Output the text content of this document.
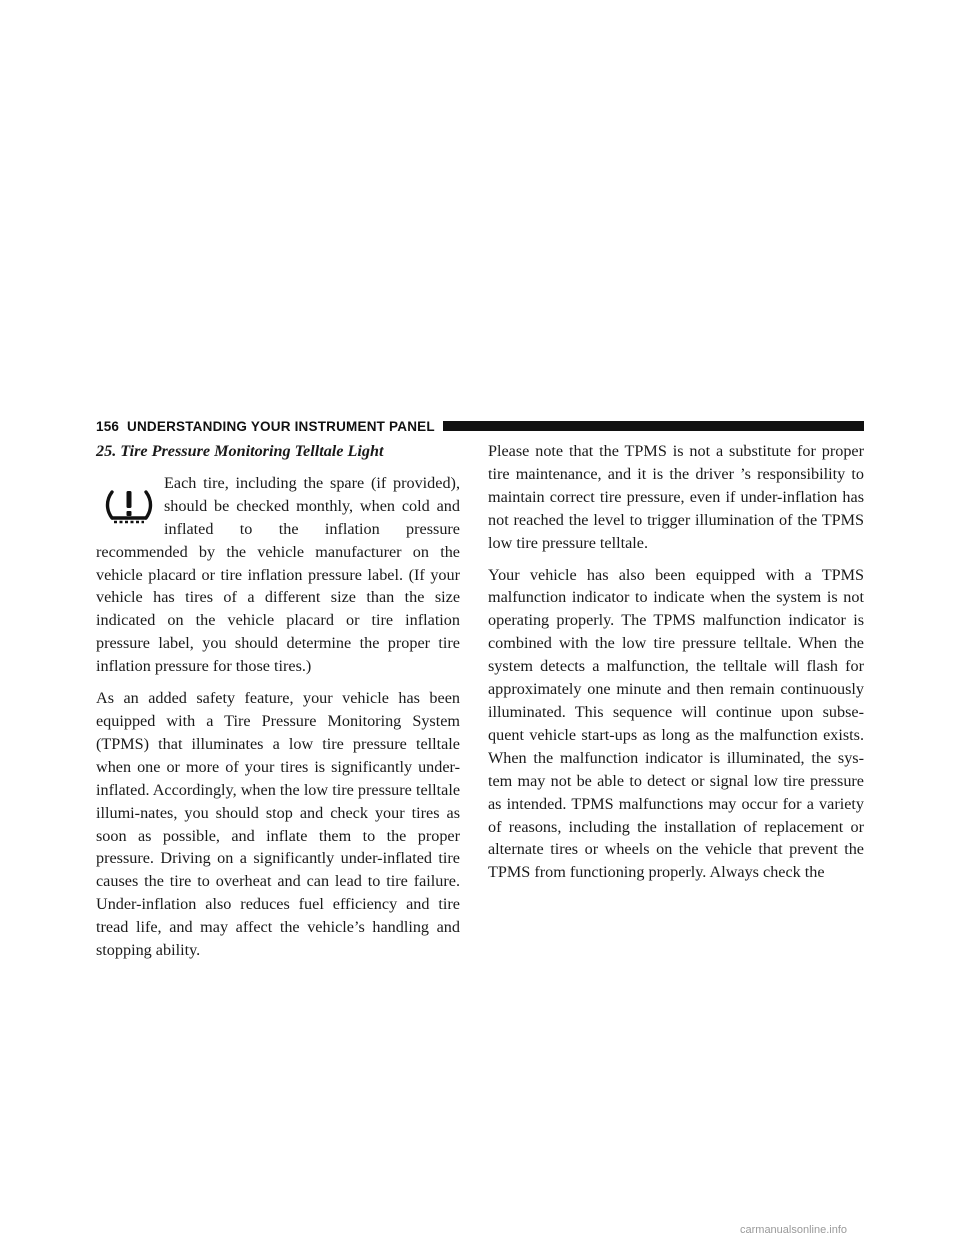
156 UNDERSTANDING YOUR INSTRUMENT PANEL

25. Tire Pressure Monitoring Telltale Light

Each tire, including the spare (if provided), should be checked monthly, when cold and inflated to the inflation pressure recommended by the vehicle manufacturer on the vehicle placard or tire inflation pressure label. (If your vehicle has tires of a different size than the size indicated on the vehicle placard or tire inflation pressure label, you should determine the proper tire inflation pressure for those tires.)

As an added safety feature, your vehicle has been equipped with a Tire Pressure Monitoring System (TPMS) that illuminates a low tire pressure telltale when one or more of your tires is significantly under-inflated. Accordingly, when the low tire pressure telltale illumi-nates, you should stop and check your tires as soon as possible, and inflate them to the proper pressure. Driving on a significantly under-inflated tire causes the tire to overheat and can lead to tire failure. Under-inflation also reduces fuel efficiency and tire tread life, and may affect the vehicle’s handling and stopping ability.

Please note that the TPMS is not a substitute for proper tire maintenance, and it is the driver ’s responsibility to maintain correct tire pressure, even if under-inflation has not reached the level to trigger illumination of the TPMS low tire pressure telltale.

Your vehicle has also been equipped with a TPMS malfunction indicator to indicate when the system is not operating properly. The TPMS malfunction indicator is combined with the low tire pressure telltale. When the system detects a malfunction, the telltale will flash for approximately one minute and then remain continuously illuminated. This sequence will continue upon subse-quent vehicle start-ups as long as the malfunction exists. When the malfunction indicator is illuminated, the sys-tem may not be able to detect or signal low tire pressure as intended. TPMS malfunctions may occur for a variety of reasons, including the installation of replacement or alternate tires or wheels on the vehicle that prevent the TPMS from functioning properly. Always check the

carmanualsonline.info
